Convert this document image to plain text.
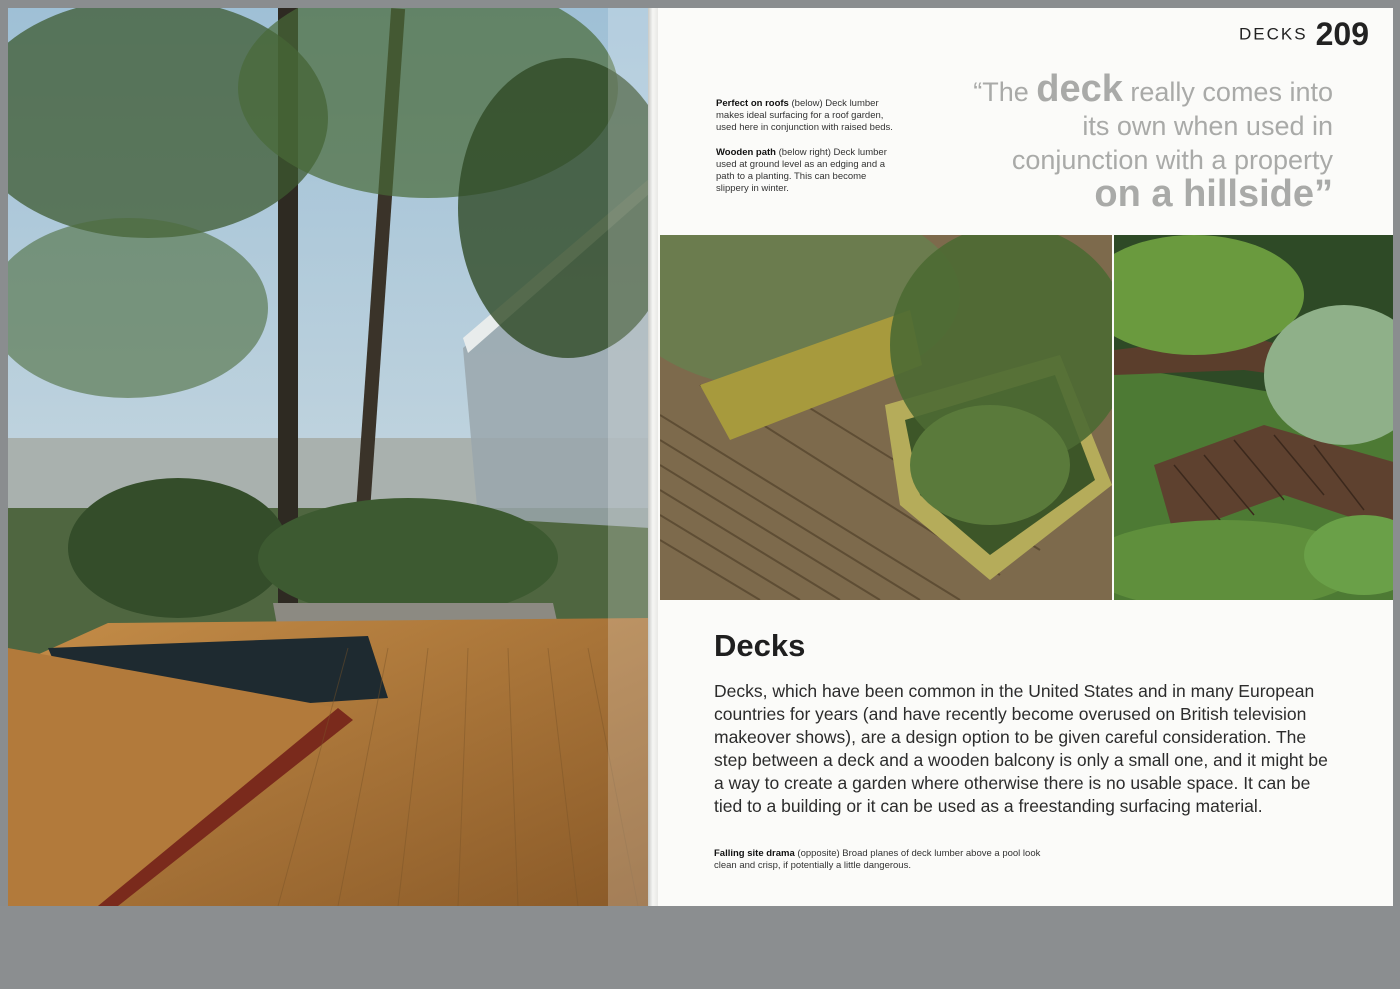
DECKS 209

Perfect on roofs (below) Deck lumber makes ideal surfacing for a roof garden, used here in conjunction with raised beds.

Wooden path (below right) Deck lumber used at ground level as an edging and a path to a planting. This can become slippery in winter.

“The deck really comes into
its own when used in
conjunction with a property
on a hillside”
Decks

Decks, which have been common in the United States and in many European countries for years (and have recently become overused on British television makeover shows), are a design option to be given careful consideration. The step between a deck and a wooden balcony is only a small one, and it might be a way to create a garden where otherwise there is no usable space. It can be tied to a building or it can be used as a freestanding surfacing material.

Falling site drama (opposite) Broad planes of deck lumber above a pool look clean and crisp, if potentially a little dangerous.
